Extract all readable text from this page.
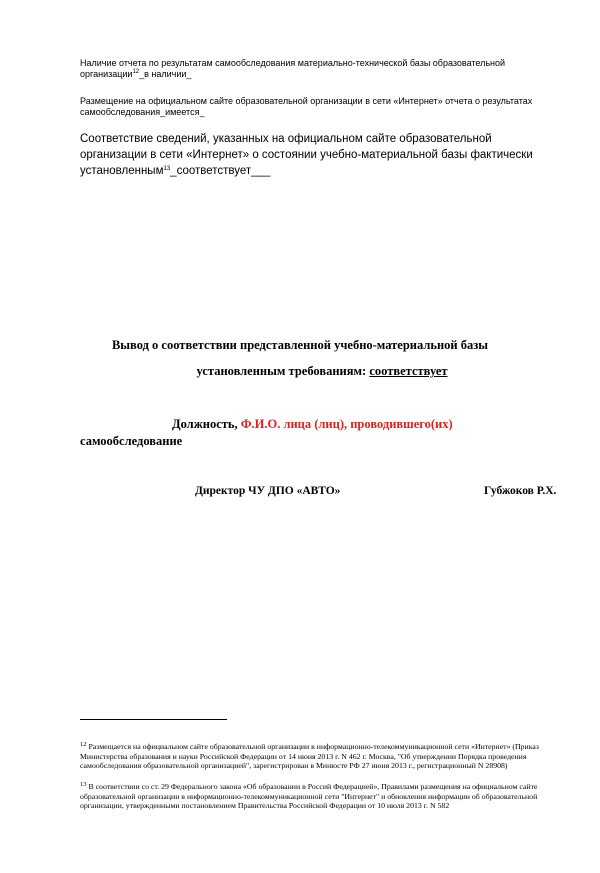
Наличие отчета по результатам самообследования материально-технической базы образовательной организации$^{12}$_в наличии_
Размещение на официальном сайте образовательной организации в сети «Интернет» отчета о результатах самообследования_имеется_
Соответствие сведений, указанных на официальном сайте образовательной организации в сети «Интернет» о состоянии учебно-материальной базы фактически установленным$^{13}$_соответствует___
Вывод о соответствии представленной учебно-материальной базы
установленным требованиям: соответствует
Должность, Ф.И.О. лица (лиц), проводившего(их)
самообследование
Директор ЧУ ДПО «АВТО»	Губжоков Р.Х.
$^{12}$ Размещается на официальном сайте образовательной организации в информационно-телекоммуникационной сети «Интернет» (Приказ Министерства образования и науки Российской Федерации от 14 июня 2013 г. N 462 г. Москва, "Об утверждении Порядка проведения самообследования образовательной организацией", зарегистрирован в Минюсте РФ 27 июня 2013 г., регистрационный N 28908)
$^{13}$ В соответствии со ст. 29 Федерального закона «Об образовании в Россий Федерацией», Правилами размещения на официальном сайте образовательной организации в информационно-телекоммуникационной сети "Интернет" и обновления информации об образовательной организации, утвержденными постановлением Правительства Российской Федерации от 10 июля 2013 г. N 582
